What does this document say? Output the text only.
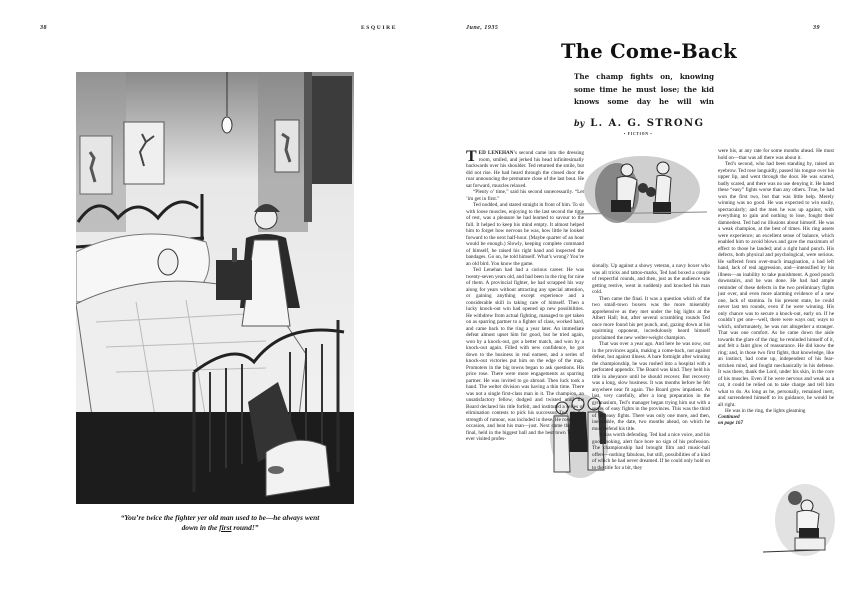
38	ESQUIRE
“You’re twice the fighter yer old man used to be—he always went down in the first round!”
June, 1935	39
The Come-Back
The champ fights on, knowing some time he must lose; the kid knows some day he will win
by L. A. G. STRONG
• FICTION •

TED LENEHAN’s second came into the dressing room, smiled, and jerked his head infinitesimally backwards over his shoulder. Ted returned the smile, but did not rise. He had heard through the closed door the roar announcing the premature close of the last bout. He sat forward, muscles relaxed.

“Plenty o’ time,” said his second unnecessarily. “Let ’im get in first.”

Ted nodded, and stared straight in front of him. To sit with loose muscles, enjoying to the last second the time of rest, was a pleasure he had learned to savour to the full. It helped to keep his mind empty. It almost helped him to forget how nervous he was, how little he looked forward to the next half-hour. (Maybe quarter of an hour would be enough.) Slowly, keeping complete command of himself, he raised his right hand and inspected the bandages. Go on, he told himself. What’s wrong? You’re an old bird. You know the game.

Ted Lenehan had had a curious career. He was twenty-seven years old, and had been in the ring for nine of them. A provincial fighter, he had scrapped his way along for years without attracting any special attention, or gaining anything except experience and a considerable skill in taking care of himself. Then a lucky knock-out win had opened up new possibilities. He withdrew from actual fighting, managed to get taken on as sparring partner to a fighter of class, worked hard, and came back to the ring a year later. An immediate defeat almost upset him for good, but he tried again, won by a knock-out, got a better match, and won by a knock-out again. Filled with new confidence, he got down to the business in real earnest, and a series of knock-out victories put him on the edge of the map. Promoters in the big towns began to ask questions. His price rose. There were more engagements as sparring partner. He was invited to go abroad. Then luck took a hand. The welter division was having a thin time. There was not a single first-class man in it. The champion, an unsatisfactory fellow, dodged and twisted until the Board declared his title forfeit, and instituted a series of elimination contests to pick his successor. Ted, on the strength of rumour, was included in these. He rose to the occasion, and beat his man—just. Next came the semi-final, held in the biggest hall and the best town Ted had ever visited profes-

sionally. Up against a showy veteran, a navy boxer who was all tricks and tattoo-marks, Ted had boxed a couple of respectful rounds, and then, just as the audience was getting restive, went in suddenly and knocked his man cold.

Then came the final. It was a question which of the two small-town boxers was the more miserably apprehensive as they met under the big lights at the Albert Hall; but, after several scrambling rounds Ted once more found his pet punch, and, gazing down at his squirming opponent, incredulously heard himself proclaimed the new welter-weight champion.

That was over a year ago. And here he was now, out in the provinces again, making a come-back, not against defeat, but against illness. A bare fortnight after winning the championship, he was rushed into a hospital with a perforated appendix. The Board was kind. They held his title in abeyance until he should recover. But recovery was a long, slow business. It was months before he felt anywhere near fit again. The Board grew impatient. At last, very carefully, after a long preparation in the gymnasium, Ted’s manager began trying him out with a series of easy fights in the provinces. This was the third of the easy fights. There was only one more, and then, inexorable, the date, two months ahead, on which he must defend his title.

It was worth defending. Ted had a nice voice, and his good-looking, alert face bore no sign of his profession. The championship had brought film and music-hall offers—nothing fabulous, but still, possibilities of a kind of which he had never dreamed. If he could only hold on to the title for a bit, they

were his, at any rate for some months ahead. He must hold on—that was all there was about it.

Ted’s second, who had been standing by, raised an eyebrow. Ted rose languidly, passed his tongue over his upper lip, and went through the door. He was scared, badly scared, and there was no use denying it. He hated these “easy” fights worse than any others. True, he had won the first two, but that was little help. Merely winning was no good. He was expected to win easily, spectacularly; and the men he was up against, with everything to gain and nothing to lose, fought their damnedest. Ted had no illusions about himself. He was a weak champion, at the best of times. His ring assets were experience; an excellent sense of balance, which enabled him to avoid blows and gave the maximum of effect to those he landed; and a right hand punch. His defects, both physical and psychological, were serious. He suffered from over-much imagination, a bad left hand, lack of real aggression, and—intensified by his illness—an inability to take punishment. A good punch downstairs, and he was done. He had had ample reminder of these defects in the two preliminary fights just over, and even more alarming evidence of a new one, lack of stamina. In his present state, he could never last ten rounds, even if he were winning. His only chance was to secure a knock-out, early on. If he couldn’t get one—well, there were ways out; ways to which, unfortunately, he was not altogether a stranger. That was one comfort. As he came down the aisle towards the glare of the ring; he reminded himself of it, and felt a faint glow of reassurance. He did know the ring; and, in those two first fights, that knowledge, like an instinct, had come up, independent of his fear-stricken mind, and fought mechanically in his defense. It was there, thank the Lord, under his skin, in the core of his muscles. Even if he were nervous and weak as a cat, it could be relied on to take charge and tell him what to do. As long as he, personally, remained inert, and surrendered himself to its guidance, he would be all right.

He was in the ring, the lights gleaming

Continued
on page 167
